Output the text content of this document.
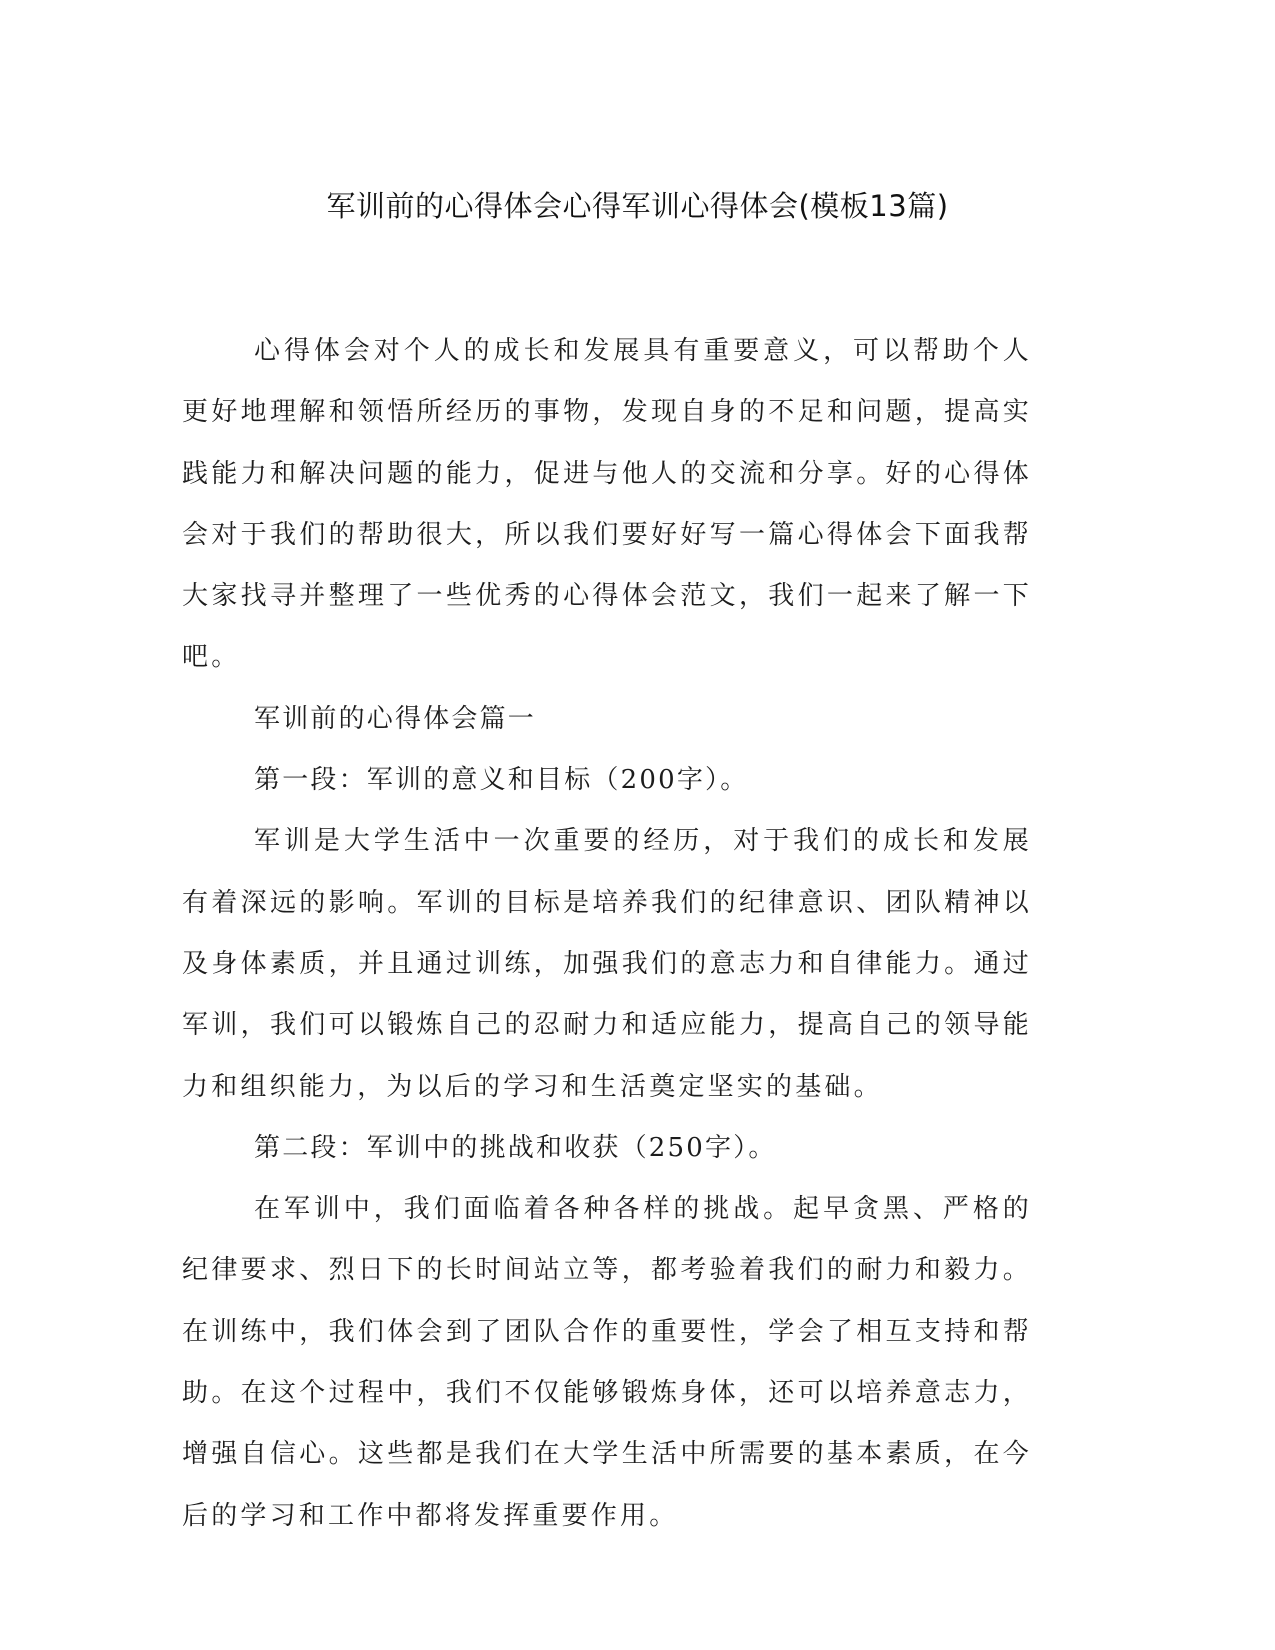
军训前的心得体会心得军训心得体会(模板13篇)

心得体会对个人的成长和发展具有重要意义，可以帮助个人更好地理解和领悟所经历的事物，发现自身的不足和问题，提高实践能力和解决问题的能力，促进与他人的交流和分享。好的心得体会对于我们的帮助很大，所以我们要好好写一篇心得体会下面我帮大家找寻并整理了一些优秀的心得体会范文，我们一起来了解一下吧。

军训前的心得体会篇一

第一段：军训的意义和目标（200字）。

军训是大学生活中一次重要的经历，对于我们的成长和发展有着深远的影响。军训的目标是培养我们的纪律意识、团队精神以及身体素质，并且通过训练，加强我们的意志力和自律能力。通过军训，我们可以锻炼自己的忍耐力和适应能力，提高自己的领导能力和组织能力，为以后的学习和生活奠定坚实的基础。

第二段：军训中的挑战和收获（250字）。

在军训中，我们面临着各种各样的挑战。起早贪黑、严格的纪律要求、烈日下的长时间站立等，都考验着我们的耐力和毅力。在训练中，我们体会到了团队合作的重要性，学会了相互支持和帮助。在这个过程中，我们不仅能够锻炼身体，还可以培养意志力，增强自信心。这些都是我们在大学生活中所需要的基本素质，在今后的学习和工作中都将发挥重要作用。
